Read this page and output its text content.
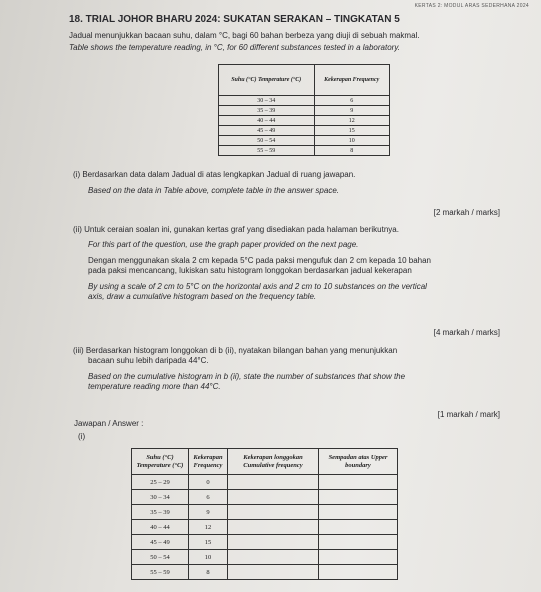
KERTAS 2: MODUL ARAS SEDERHANA 2024
18. TRIAL JOHOR BHARU 2024: SUKATAN SERAKAN – TINGKATAN 5
Jadual menunjukkan bacaan suhu, dalam °C, bagi 60 bahan berbeza yang diuji di sebuah makmal.
Table shows the temperature reading, in °C, for 60 different substances tested in a laboratory.
Suhu (°C) Temperature (°C)	Kekerapan Frequency
30 – 34	6
35 – 39	9
40 – 44	12
45 – 49	15
50 – 54	10
55 – 59	8
(i) Berdasarkan data dalam Jadual di atas lengkapkan Jadual di ruang jawapan.
Based on the data in Table above, complete table in the answer space.
[2 markah / marks]
(ii) Untuk ceraian soalan ini, gunakan kertas graf yang disediakan pada halaman berikutnya.
For this part of the question, use the graph paper provided on the next page.
Dengan menggunakan skala 2 cm kepada 5°C pada paksi mengufuk dan 2 cm kepada 10 bahan
pada paksi mencancang, lukiskan satu histogram longgokan berdasarkan jadual kekerapan
By using a scale of 2 cm to 5°C on the horizontal axis and 2 cm to 10 substances on the vertical
axis, draw a cumulative histogram based on the frequency table.
[4 markah / marks]
(iii) Berdasarkan histogram longgokan di b (ii), nyatakan bilangan bahan yang menunjukkan
bacaan suhu lebih daripada 44°C.
Based on the cumulative histogram in b (ii), state the number of substances that show the
temperature reading more than 44°C.
[1 markah / mark]
Jawapan / Answer :
(i)
Suhu (°C) Temperature (°C)	Kekerapan Frequency	Kekerapan longgokan Cumulative frequency	Sempadan atas Upper boundary
25 – 29	0		
30 – 34	6		
35 – 39	9		
40 – 44	12		
45 – 49	15		
50 – 54	10		
55 – 59	8		
